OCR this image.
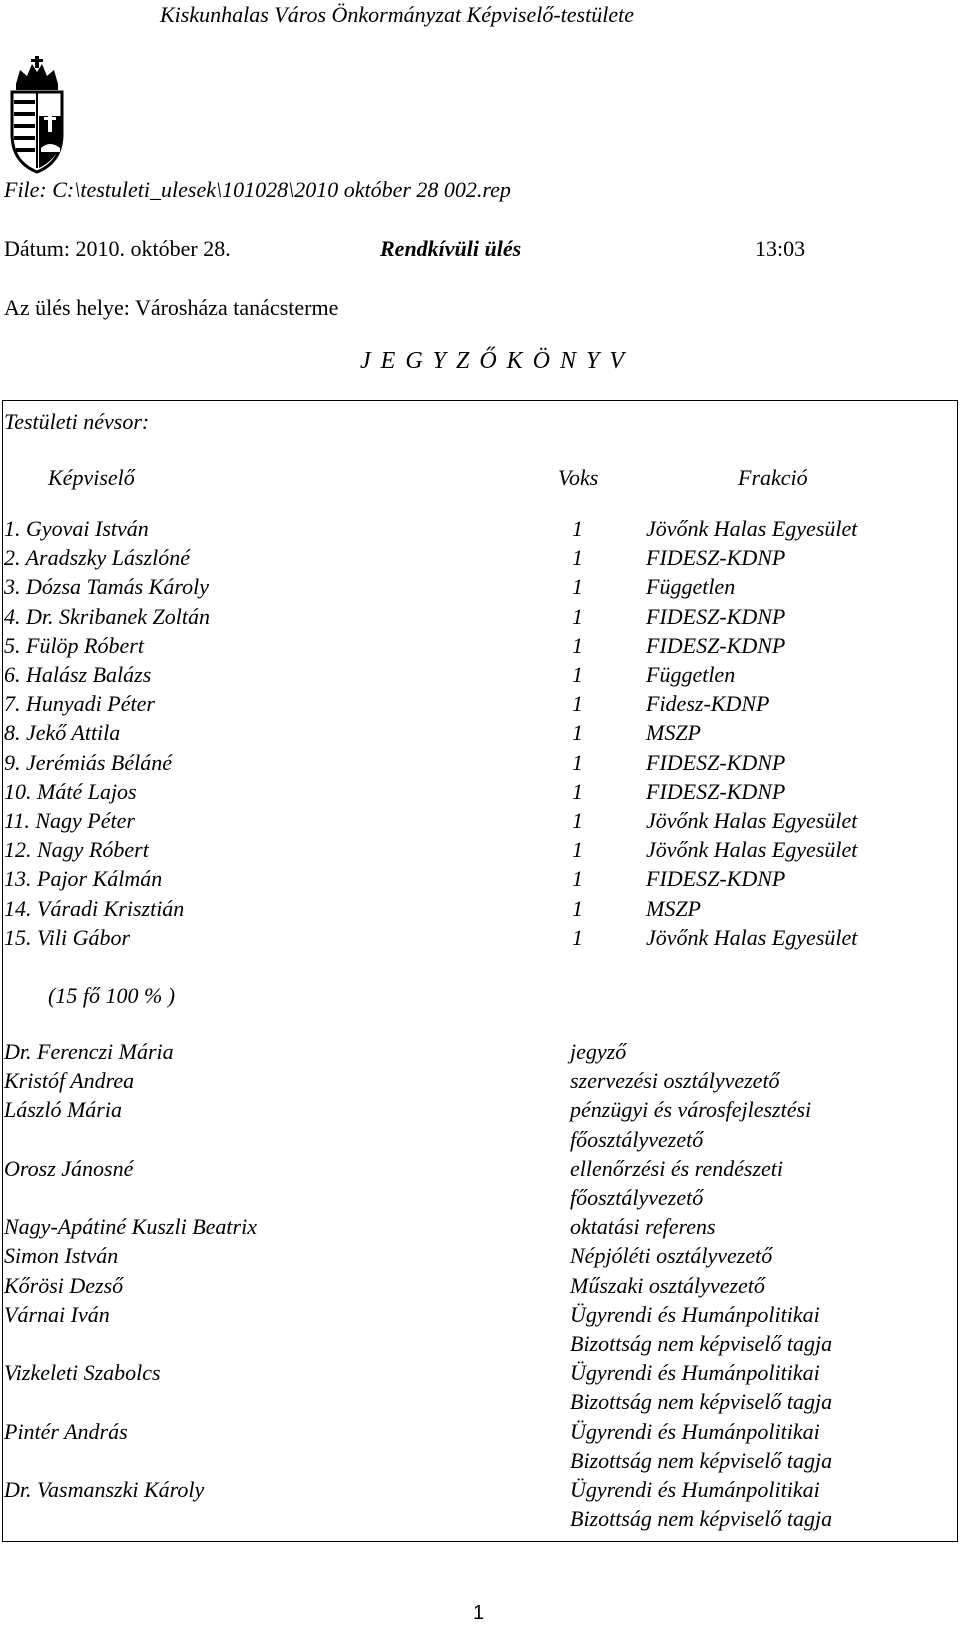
Kiskunhalas Város Önkormányzat Képviselő-testülete
File: C:\testuleti_ulesek\101028\2010 október 28 002.rep
Dátum: 2010. október 28.	Rendkívüli ülés	13:03
Az ülés helye: Városháza tanácsterme
J E G Y Z Ő K Ö N Y V
Testületi névsor:
Képviselő	Voks	Frakció
1. Gyovai István	1	Jövőnk Halas Egyesület
2. Aradszky Lászlóné	1	FIDESZ-KDNP
3. Dózsa Tamás Károly	1	Független
4. Dr. Skribanek Zoltán	1	FIDESZ-KDNP
5. Fülöp Róbert	1	FIDESZ-KDNP
6. Halász Balázs	1	Független
7. Hunyadi Péter	1	Fidesz-KDNP
8. Jekő Attila	1	MSZP
9. Jerémiás Béláné	1	FIDESZ-KDNP
10. Máté Lajos	1	FIDESZ-KDNP
11. Nagy Péter	1	Jövőnk Halas Egyesület
12. Nagy Róbert	1	Jövőnk Halas Egyesület
13. Pajor Kálmán	1	FIDESZ-KDNP
14. Váradi Krisztián	1	MSZP
15. Vili Gábor	1	Jövőnk Halas Egyesület
(15 fő 100 % )
Dr. Ferenczi Mária	jegyző
Kristóf Andrea	szervezési osztályvezető
László Mária	pénzügyi és városfejlesztési
főosztályvezető
Orosz Jánosné	ellenőrzési és rendészeti
főosztályvezető
Nagy-Apátiné Kuszli Beatrix	oktatási referens
Simon István	Népjóléti osztályvezető
Kőrösi Dezső	Műszaki osztályvezető
Várnai Iván	Ügyrendi és Humánpolitikai
Bizottság nem képviselő tagja
Vizkeleti Szabolcs	Ügyrendi és Humánpolitikai
Bizottság nem képviselő tagja
Pintér András	Ügyrendi és Humánpolitikai
Bizottság nem képviselő tagja
Dr. Vasmanszki Károly	Ügyrendi és Humánpolitikai
Bizottság nem képviselő tagja
1
